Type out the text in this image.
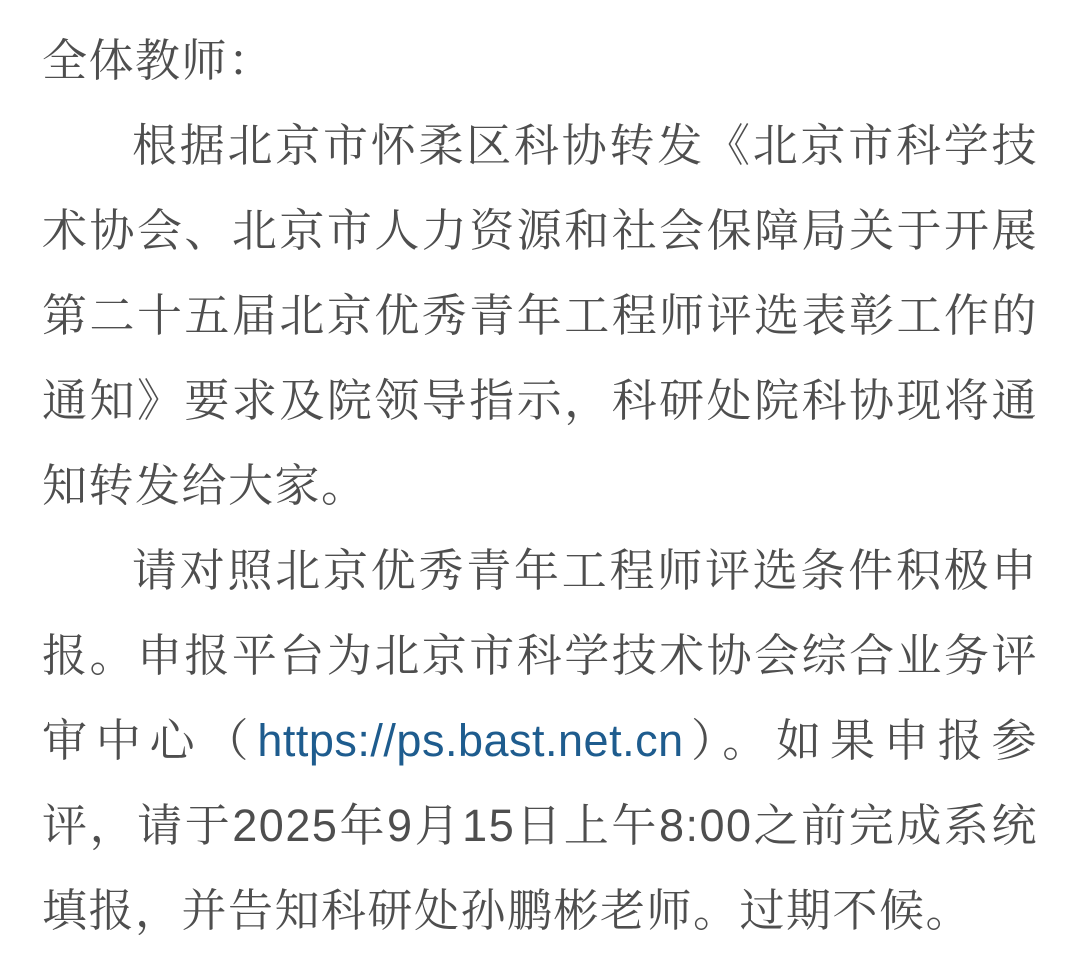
全体教师：

根据北京市怀柔区科协转发《北京市科学技术协会、北京市人力资源和社会保障局关于开展第二十五届北京优秀青年工程师评选表彰工作的通知》要求及院领导指示，科研处院科协现将通知转发给大家。

请对照北京优秀青年工程师评选条件积极申报。申报平台为北京市科学技术协会综合业务评审中心（https://ps.bast.net.cn）。如果申报参评，请于2025年9月15日上午8:00之前完成系统填报，并告知科研处孙鹏彬老师。过期不候。
